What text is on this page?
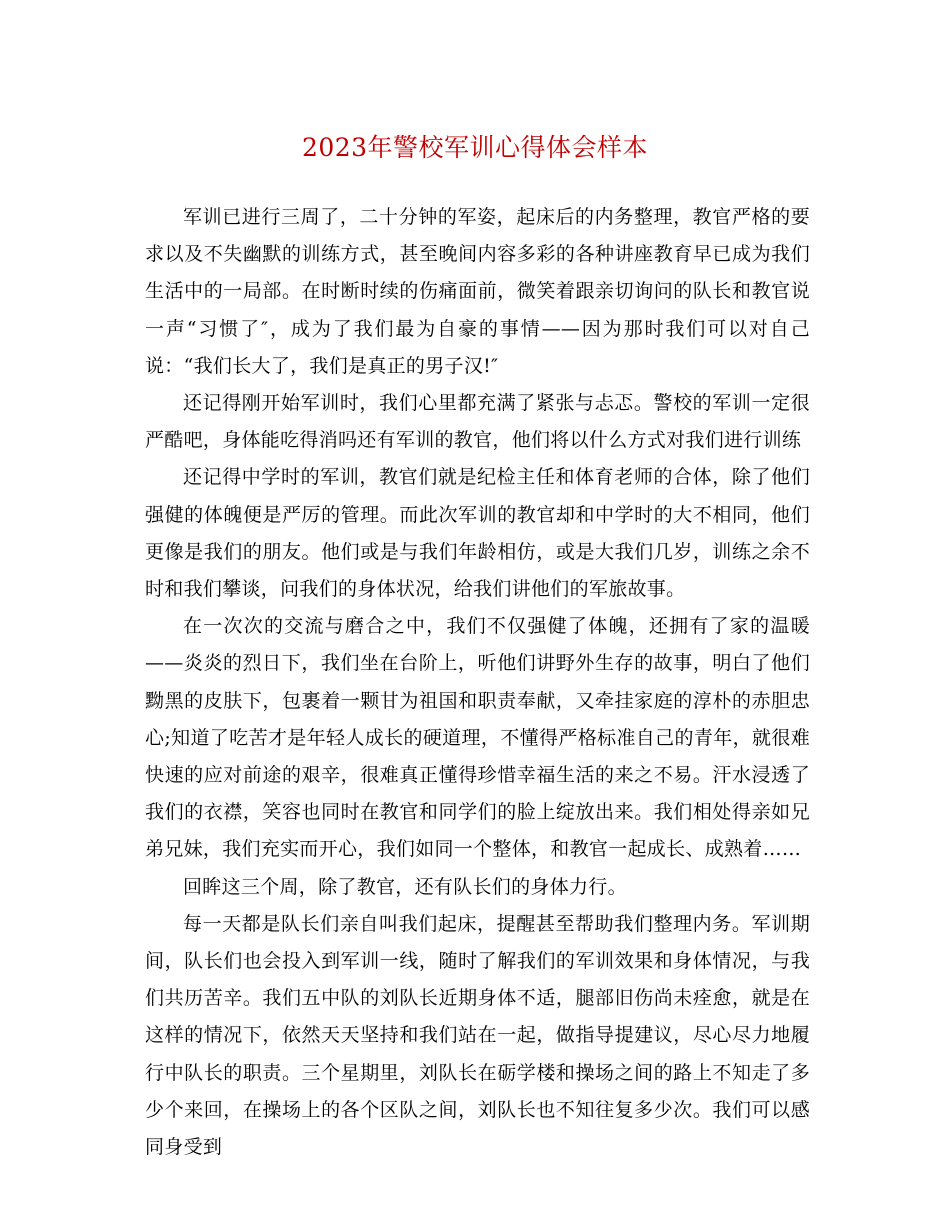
2023年警校军训心得体会样本

军训已进行三周了，二十分钟的军姿，起床后的内务整理，教官严格的要求以及不失幽默的训练方式，甚至晚间内容多彩的各种讲座教育早已成为我们生活中的一局部。在时断时续的伤痛面前，微笑着跟亲切询问的队长和教官说一声“习惯了″，成为了我们最为自豪的事情——因为那时我们可以对自己说：“我们长大了，我们是真正的男子汉!″

还记得刚开始军训时，我们心里都充满了紧张与忐忑。警校的军训一定很严酷吧，身体能吃得消吗还有军训的教官，他们将以什么方式对我们进行训练

还记得中学时的军训，教官们就是纪检主任和体育老师的合体，除了他们强健的体魄便是严厉的管理。而此次军训的教官却和中学时的大不相同，他们更像是我们的朋友。他们或是与我们年龄相仿，或是大我们几岁，训练之余不时和我们攀谈，问我们的身体状况，给我们讲他们的军旅故事。

在一次次的交流与磨合之中，我们不仅强健了体魄，还拥有了家的温暖——炎炎的烈日下，我们坐在台阶上，听他们讲野外生存的故事，明白了他们黝黑的皮肤下，包裹着一颗甘为祖国和职责奉献，又牵挂家庭的淳朴的赤胆忠心;知道了吃苦才是年轻人成长的硬道理，不懂得严格标准自己的青年，就很难快速的应对前途的艰辛，很难真正懂得珍惜幸福生活的来之不易。汗水浸透了我们的衣襟，笑容也同时在教官和同学们的脸上绽放出来。我们相处得亲如兄弟兄妹，我们充实而开心，我们如同一个整体，和教官一起成长、成熟着……

回眸这三个周，除了教官，还有队长们的身体力行。

每一天都是队长们亲自叫我们起床，提醒甚至帮助我们整理内务。军训期间，队长们也会投入到军训一线，随时了解我们的军训效果和身体情况，与我们共历苦辛。我们五中队的刘队长近期身体不适，腿部旧伤尚未痊愈，就是在这样的情况下，依然天天坚持和我们站在一起，做指导提建议，尽心尽力地履行中队长的职责。三个星期里，刘队长在砺学楼和操场之间的路上不知走了多少个来回，在操场上的各个区队之间，刘队长也不知往复多少次。我们可以感同身受到
